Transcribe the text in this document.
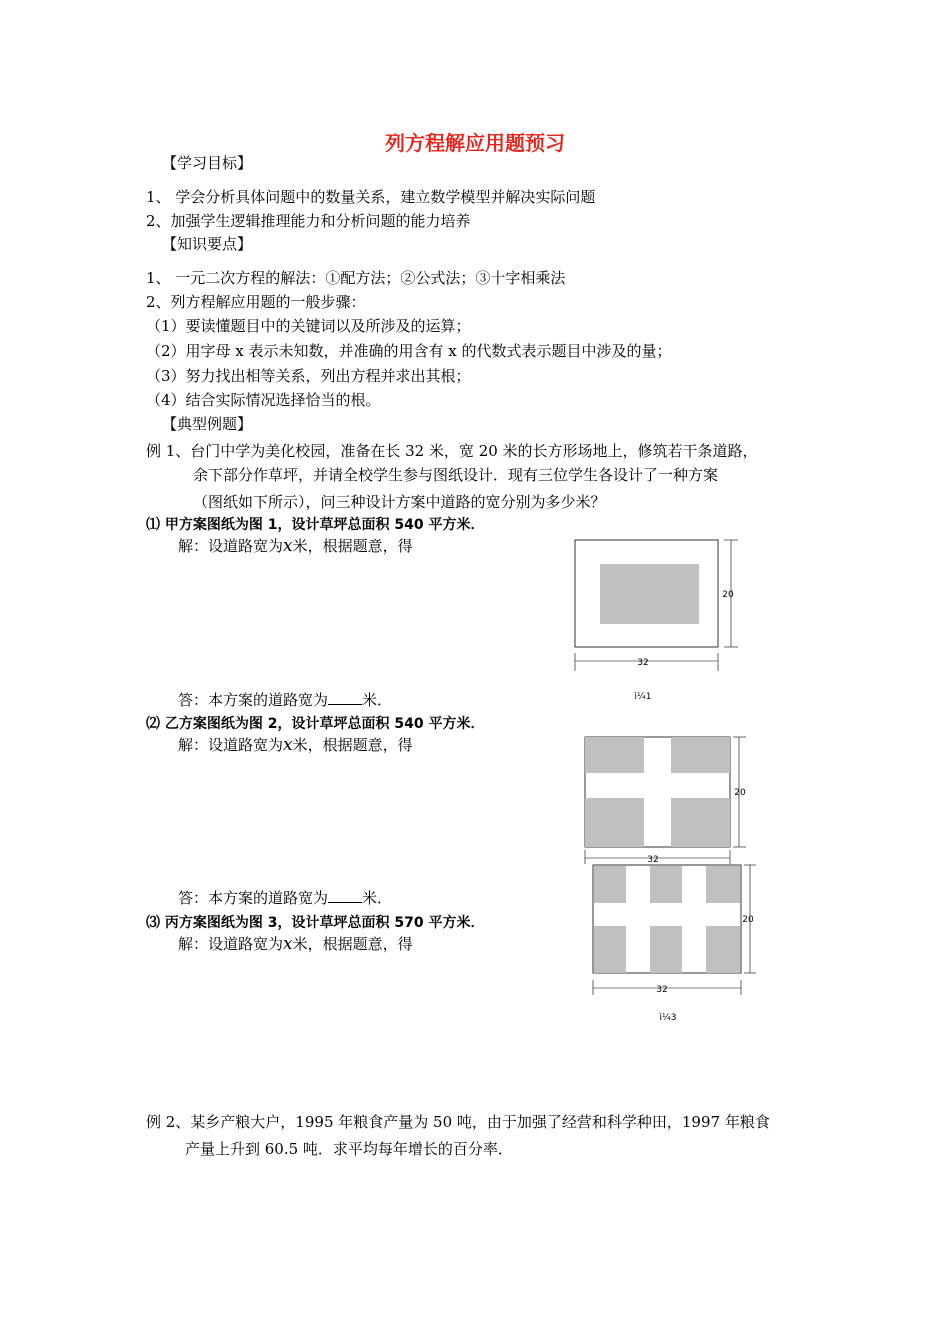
列方程解应用题预习
【学习目标】
1、 学会分析具体问题中的数量关系，建立数学模型并解决实际问题
2、加强学生逻辑推理能力和分析问题的能力培养
【知识要点】
1、 一元二次方程的解法：①配方法；②公式法；③十字相乘法
2、列方程解应用题的一般步骤：
（1）要读懂题目中的关键词以及所涉及的运算；
（2）用字母 x 表示未知数，并准确的用含有 x 的代数式表示题目中涉及的量；
（3）努力找出相等关系，列出方程并求出其根；
（4）结合实际情况选择恰当的根。
【典型例题】
例 1、台门中学为美化校园，准备在长 32 米，宽 20 米的长方形场地上，修筑若干条道路，
余下部分作草坪，并请全校学生参与图纸设计．现有三位学生各设计了一种方案
（图纸如下所示），问三种设计方案中道路的宽分别为多少米？
⑴ 甲方案图纸为图 1，设计草坪总面积 540 平方米．
解：设道路宽为x米，根据题意，得
答：本方案的道路宽为 米．
⑵ 乙方案图纸为图 2，设计草坪总面积 540 平方米．
解：设道路宽为x米，根据题意，得
答：本方案的道路宽为 米．
⑶ 丙方案图纸为图 3，设计草坪总面积 570 平方米．
解：设道路宽为x米，根据题意，得
例 2、某乡产粮大户，1995 年粮食产量为 50 吨，由于加强了经营和科学种田，1997 年粮食
产量上升到 60.5 吨．求平均每年增长的百分率．
32
20
ì¼1
32
20
32
20
ì¼3
